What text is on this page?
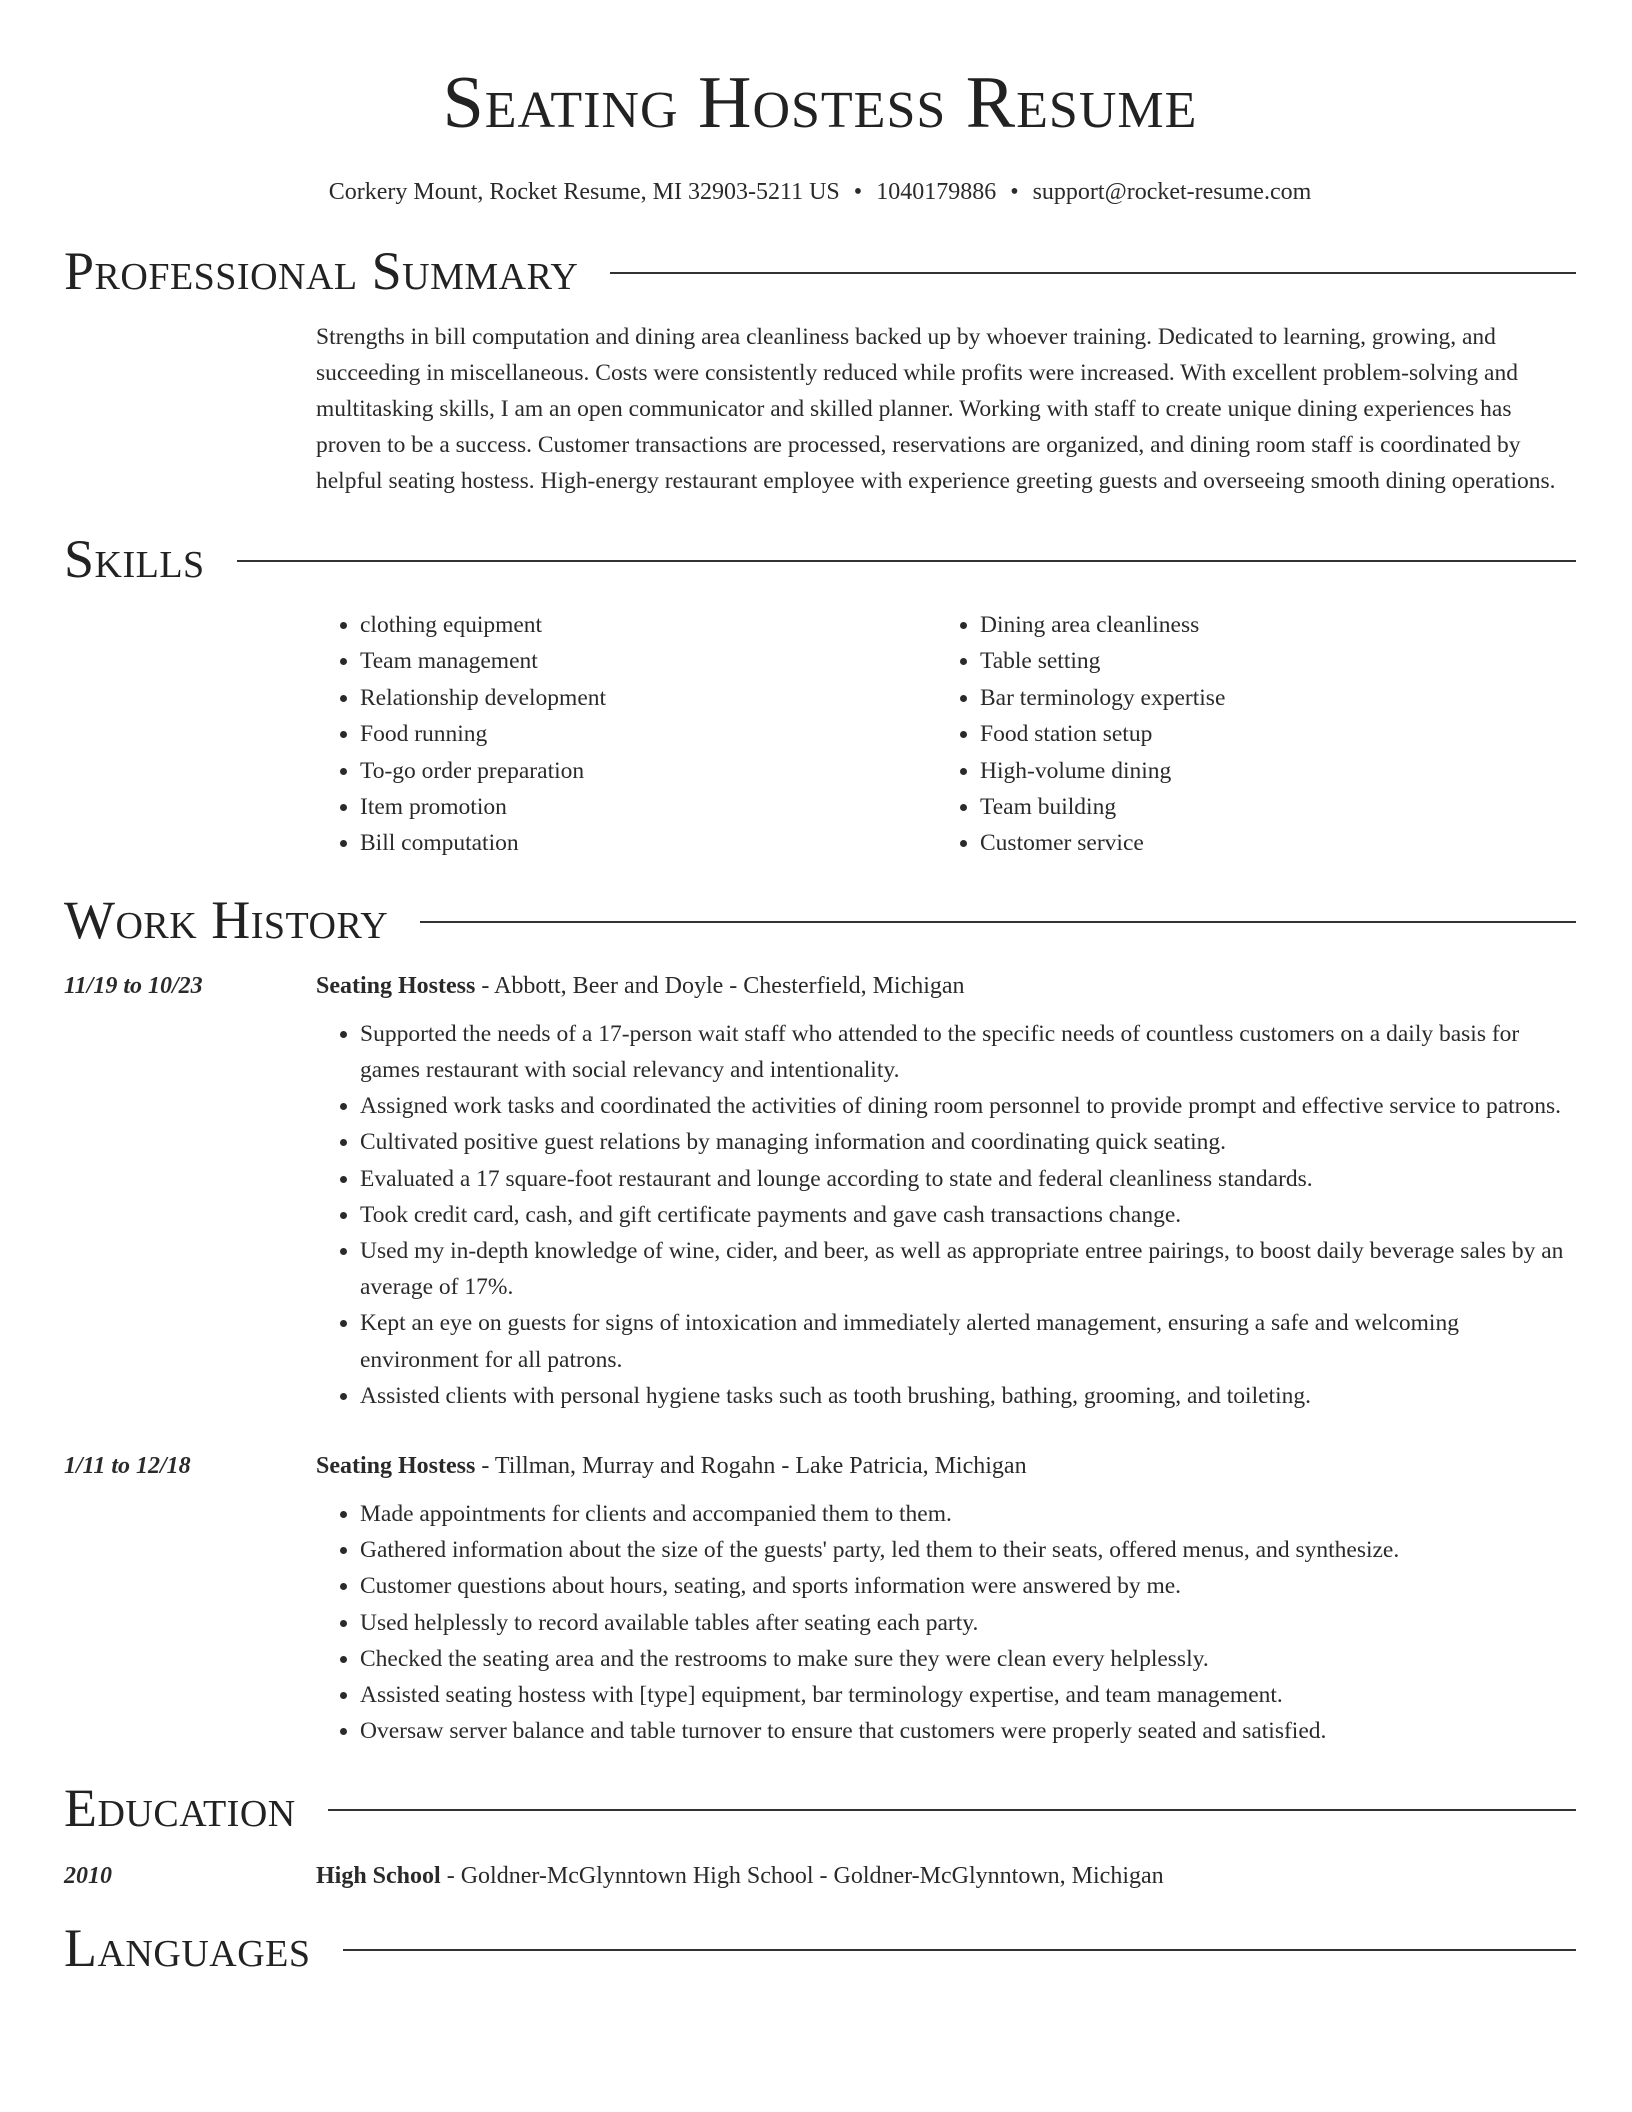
Seating Hostess Resume
Corkery Mount, Rocket Resume, MI 32903-5211 US • 1040179886 • support@rocket-resume.com
Professional Summary

Strengths in bill computation and dining area cleanliness backed up by whoever training. Dedicated to learning, growing, and succeeding in miscellaneous. Costs were consistently reduced while profits were increased. With excellent problem-solving and multitasking skills, I am an open communicator and skilled planner. Working with staff to create unique dining experiences has proven to be a success. Customer transactions are processed, reservations are organized, and dining room staff is coordinated by helpful seating hostess. High-energy restaurant employee with experience greeting guests and overseeing smooth dining operations.

Skills
• clothing equipment
• Team management
• Relationship development
• Food running
• To-go order preparation
• Item promotion
• Bill computation
• Dining area cleanliness
• Table setting
• Bar terminology expertise
• Food station setup
• High-volume dining
• Team building
• Customer service
Work History
11/19 to 10/23	Seating Hostess - Abbott, Beer and Doyle - Chesterfield, Michigan
• Supported the needs of a 17-person wait staff who attended to the specific needs of countless customers on a daily basis for games restaurant with social relevancy and intentionality.
• Assigned work tasks and coordinated the activities of dining room personnel to provide prompt and effective service to patrons.
• Cultivated positive guest relations by managing information and coordinating quick seating.
• Evaluated a 17 square-foot restaurant and lounge according to state and federal cleanliness standards.
• Took credit card, cash, and gift certificate payments and gave cash transactions change.
• Used my in-depth knowledge of wine, cider, and beer, as well as appropriate entree pairings, to boost daily beverage sales by an average of 17%.
• Kept an eye on guests for signs of intoxication and immediately alerted management, ensuring a safe and welcoming environment for all patrons.
• Assisted clients with personal hygiene tasks such as tooth brushing, bathing, grooming, and toileting.
1/11 to 12/18	Seating Hostess - Tillman, Murray and Rogahn - Lake Patricia, Michigan
• Made appointments for clients and accompanied them to them.
• Gathered information about the size of the guests' party, led them to their seats, offered menus, and synthesize.
• Customer questions about hours, seating, and sports information were answered by me.
• Used helplessly to record available tables after seating each party.
• Checked the seating area and the restrooms to make sure they were clean every helplessly.
• Assisted seating hostess with [type] equipment, bar terminology expertise, and team management.
• Oversaw server balance and table turnover to ensure that customers were properly seated and satisfied.
Education
2010	High School - Goldner-McGlynntown High School - Goldner-McGlynntown, Michigan
Languages
